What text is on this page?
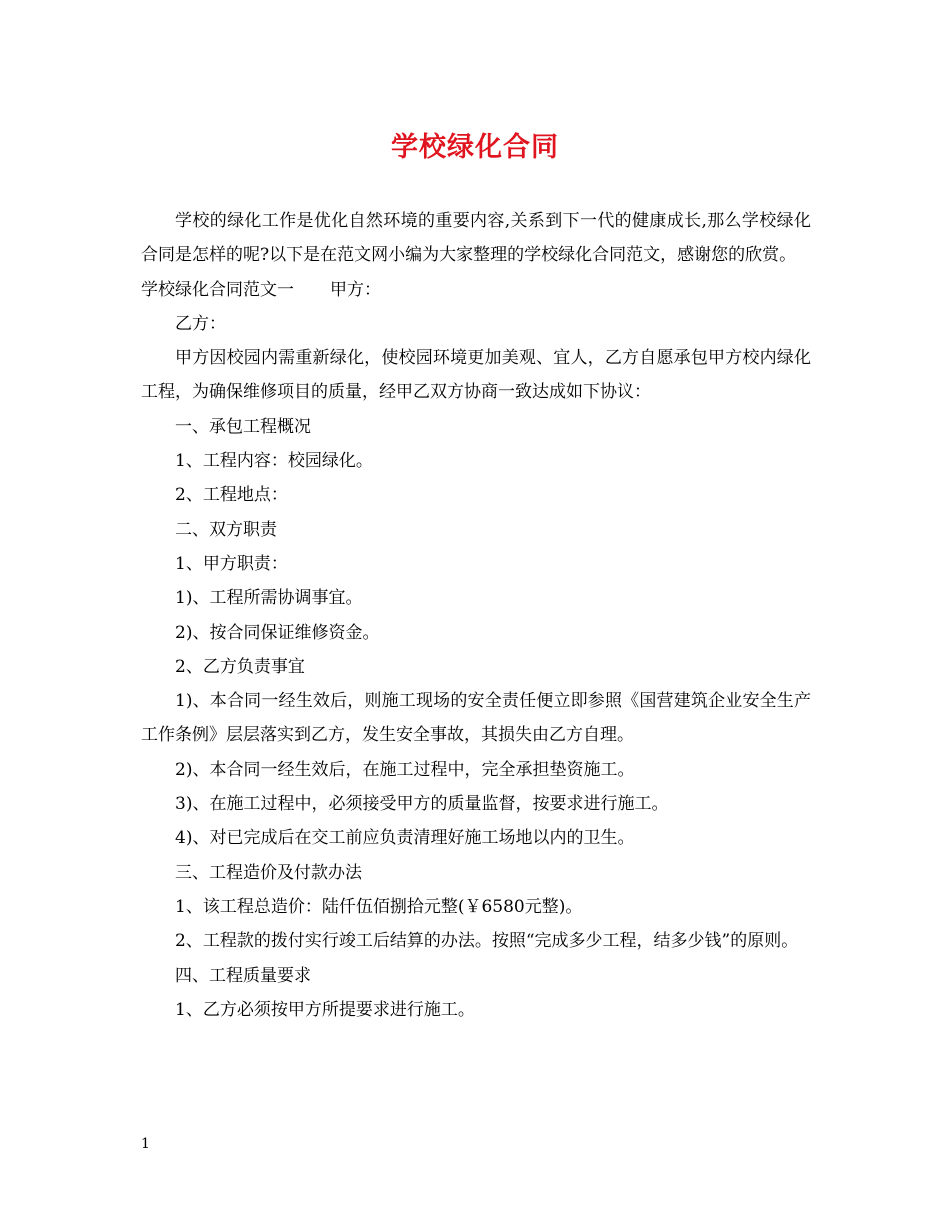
学校绿化合同

学校的绿化工作是优化自然环境的重要内容,关系到下一代的健康成长,那么学校绿化合同是怎样的呢?以下是在范文网小编为大家整理的学校绿化合同范文，感谢您的欣赏。

学校绿化合同范文一 甲方：

乙方：

甲方因校园内需重新绿化，使校园环境更加美观、宜人，乙方自愿承包甲方校内绿化工程，为确保维修项目的质量，经甲乙双方协商一致达成如下协议：

一、承包工程概况

1、工程内容：校园绿化。

2、工程地点：

二、双方职责

1、甲方职责：

1)、工程所需协调事宜。

2)、按合同保证维修资金。

2、乙方负责事宜

1)、本合同一经生效后，则施工现场的安全责任便立即参照《国营建筑企业安全生产工作条例》层层落实到乙方，发生安全事故，其损失由乙方自理。

2)、本合同一经生效后，在施工过程中，完全承担垫资施工。

3)、在施工过程中，必须接受甲方的质量监督，按要求进行施工。

4)、对已完成后在交工前应负责清理好施工场地以内的卫生。

三、工程造价及付款办法

1、该工程总造价：陆仟伍佰捌拾元整(￥6580元整)。

2、工程款的拨付实行竣工后结算的办法。按照“完成多少工程，结多少钱”的原则。

四、工程质量要求

1、乙方必须按甲方所提要求进行施工。

1
